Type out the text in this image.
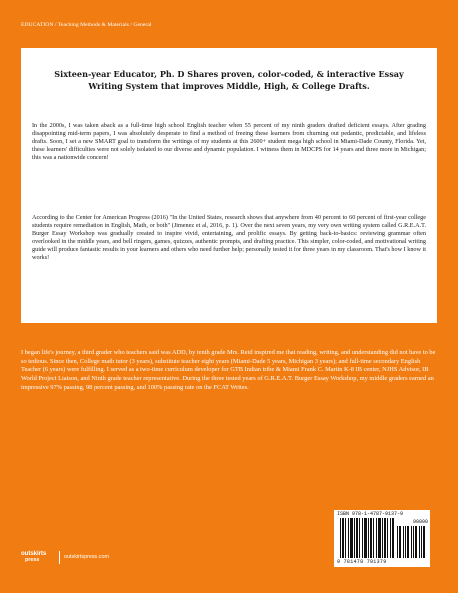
EDUCATION / Teaching Methods & Materials / General
Sixteen-year Educator, Ph. D Shares proven, color-coded, & interactive Essay Writing System that improves Middle, High, & College Drafts.
In the 2000s, I was taken aback as a full-time high school English teacher when 55 percent of my ninth graders drafted deficient essays. After grading disappointing mid-term papers, I was absolutely desperate to find a method of freeing these learners from churning out pedantic, predictable, and lifeless drafts. Soon, I set a new SMART goal to transform the writings of my students at this 2600+ student mega high school in Miami-Dade County, Florida. Yet, these learners' difficulties were not solely isolated to our diverse and dynamic population. I witness them in MDCPS for 14 years and three more in Michigan; this was a nationwide concern!
According to the Center for American Progress (2016) "In the United States, research shows that anywhere from 40 percent to 60 percent of first-year college students require remediation in English, Math, or both" (Jimenez et al, 2016, p. 1). Over the next seven years, my very own writing system called G.R.E.A.T. Burger Essay Workshop was gradually created to inspire vivid, entertaining, and prolific essays. By getting back-to-basics: reviewing grammar often overlooked in the middle years, and bell ringers, games, quizzes, authentic prompts, and drafting practice. This simpler, color-coded, and motivational writing guide will produce fantastic results in your learners and others who need further help; personally tested it for three years in my classroom. That's how I know it works!
I began life's journey, a third grader who teachers said was ADD, by tenth grade Mrs. Reid inspired me that reading, writing, and understanding did not have to be so tedious. Since then, College math tutor (3 years), substitute teacher eight years (Miami-Dade 5 years, Michigan 3 years); and full-time secondary English Teacher (6 years) were fulfilling. I served as a two-time curriculum developer for GTB Indian tribe & Miami Frank C. Martin K-8 IB center, NJHS Advisor, IB World Project Liaison, and Ninth grade teacher representative. During the three tested years of G.R.E.A.T. Burger Essay Workshop, my middle graders earned an impressive 97% passing, 98 percent passing, and 100% passing rate on the FCAT Writes.
ISBN 978-1-4787-9137-9
90000
9 781478 791379
outskirts
press	outskirtspress.com
